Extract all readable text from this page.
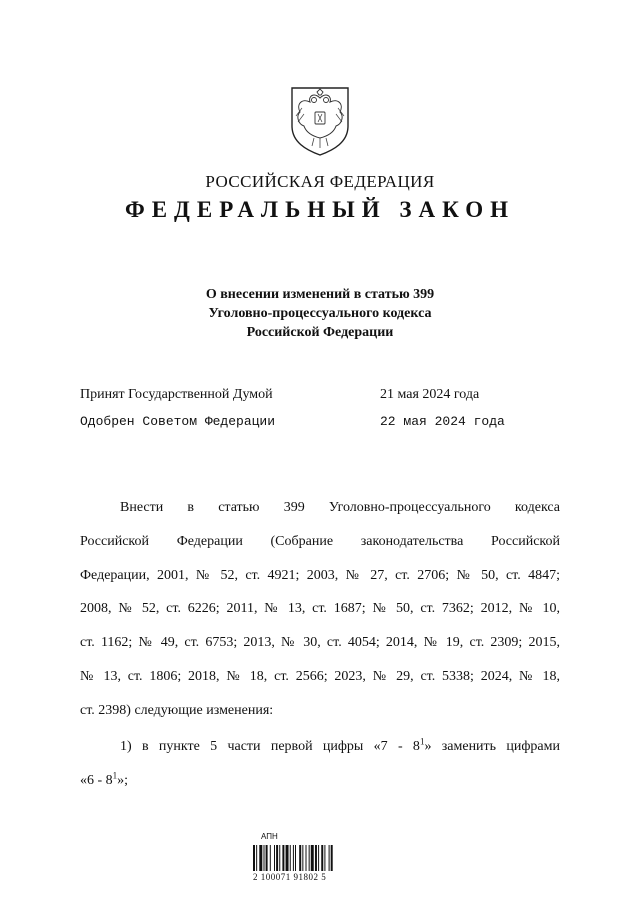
РОССИЙСКАЯ ФЕДЕРАЦИЯ
ФЕДЕРАЛЬНЫЙ ЗАКОН
О внесении изменений в статью 399
Уголовно-процессуального кодекса
Российской Федерации
Принят Государственной Думой	21 мая 2024 года
Одобрен Советом Федерации	22 мая 2024 года
Внести в статью 399 Уголовно-процессуального кодекса
Российской Федерации (Собрание законодательства Российской
Федерации, 2001, № 52, ст. 4921; 2003, № 27, ст. 2706; № 50, ст. 4847;
2008, № 52, ст. 6226; 2011, № 13, ст. 1687; № 50, ст. 7362; 2012, № 10,
ст. 1162; № 49, ст. 6753; 2013, № 30, ст. 4054; 2014, № 19, ст. 2309; 2015,
№ 13, ст. 1806; 2018, № 18, ст. 2566; 2023, № 29, ст. 5338; 2024, № 18,
ст. 2398) следующие изменения:
1) в пункте 5 части первой цифры «$7 - 8^1$» заменить цифрами
«$6 - 8^1$»;
АПН
2 100071 91802 5
